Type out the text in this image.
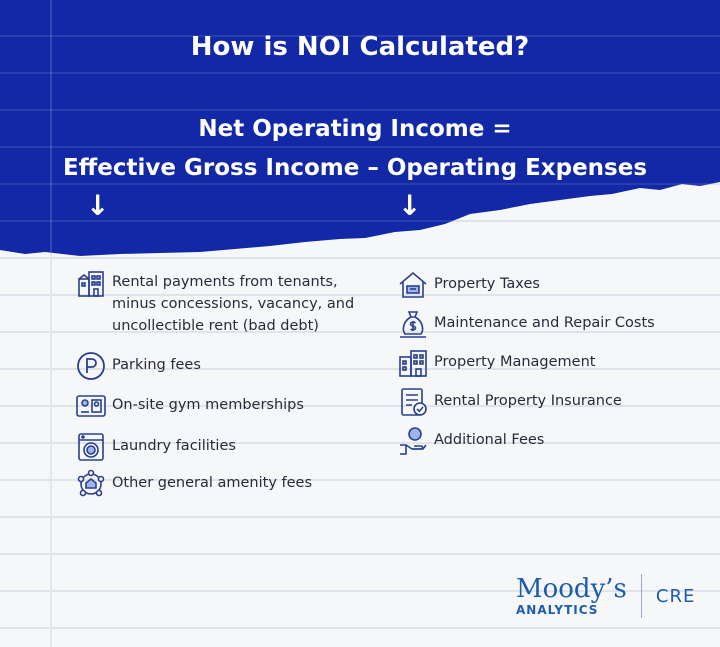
How is NOI Calculated?
Net Operating Income =
Effective Gross Income – Operating Expenses
↓	↓
Rental payments from tenants,
minus concessions, vacancy, and
uncollectible rent (bad debt)
Parking fees
On-site gym memberships
Laundry facilities
Other general amenity fees
Property Taxes
Maintenance and Repair Costs
Property Management
Rental Property Insurance
Additional Fees
Moody’s
ANALYTICS
CRE
